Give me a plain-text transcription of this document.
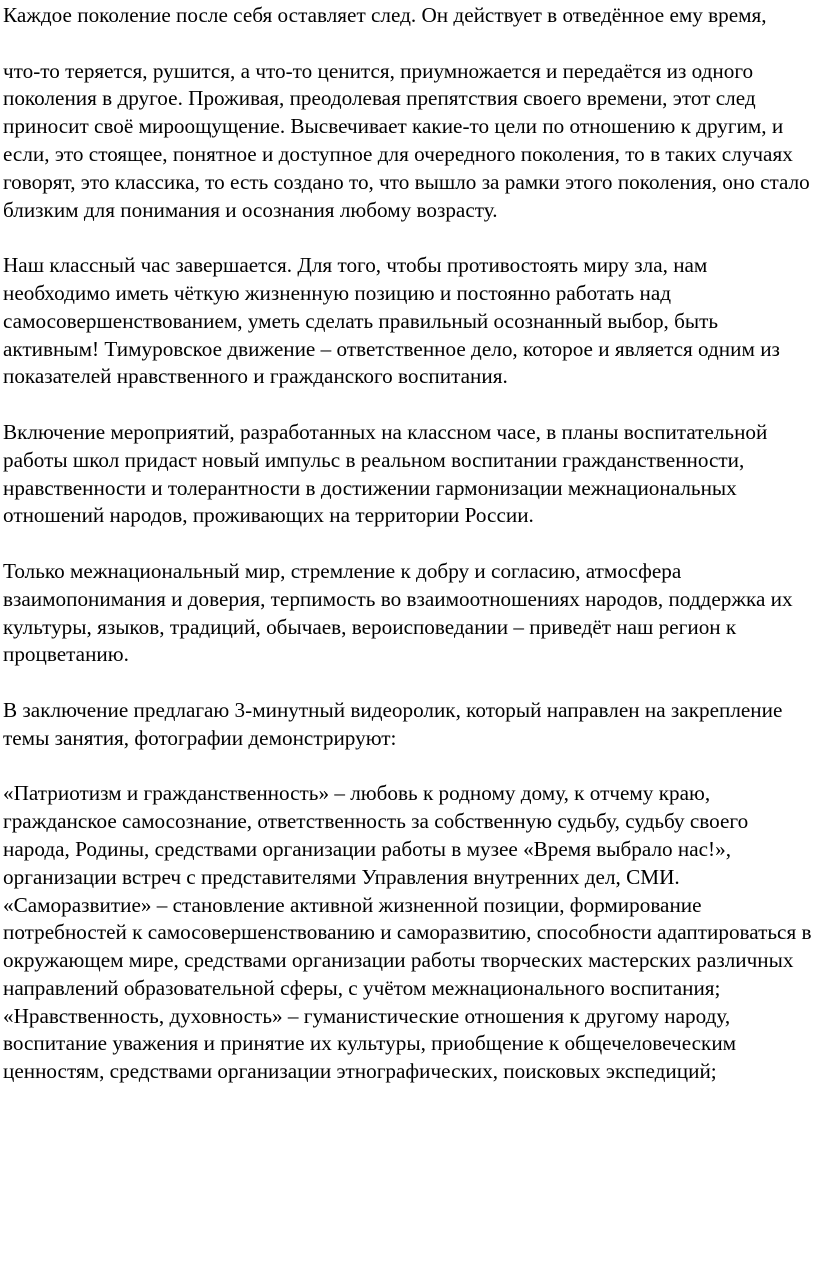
Каждое поколение после себя оставляет след. Он действует в отведённое ему время,

что-то теряется, рушится, а что-то ценится, приумножается и передаётся из одного поколения в другое. Проживая, преодолевая препятствия своего времени, этот след приносит своё мироощущение. Высвечивает какие-то цели по отношению к другим, и если, это стоящее, понятное и доступное для очередного поколения, то в таких случаях говорят, это классика, то есть создано то, что вышло за рамки этого поколения, оно стало близким для понимания и осознания любому возрасту.

Наш классный час завершается. Для того, чтобы противостоять миру зла, нам необходимо иметь чёткую жизненную позицию и постоянно работать над самосовершенствованием, уметь сделать правильный осознанный выбор, быть активным! Тимуровское движение – ответственное дело, которое и является одним из показателей нравственного и гражданского воспитания.

Включение мероприятий, разработанных на классном часе, в планы воспитательной работы школ придаст новый импульс в реальном воспитании гражданственности, нравственности и толерантности в достижении гармонизации межнациональных отношений народов, проживающих на территории России.

Только межнациональный мир, стремление к добру и согласию, атмосфера взаимопонимания и доверия, терпимость во взаимоотношениях народов, поддержка их культуры, языков, традиций, обычаев, вероисповедании – приведёт наш регион к процветанию.

В заключение предлагаю 3-минутный видеоролик, который направлен на закрепление темы занятия, фотографии демонстрируют:

«Патриотизм и гражданственность» – любовь к родному дому, к отчему краю, гражданское самосознание, ответственность за собственную судьбу, судьбу своего народа, Родины, средствами организации работы в музее «Время выбрало нас!», организации встреч с представителями Управления внутренних дел, СМИ.

«Саморазвитие» – становление активной жизненной позиции, формирование потребностей к самосовершенствованию и саморазвитию, способности адаптироваться в окружающем мире, средствами организации работы творческих мастерских различных направлений образовательной сферы, с учётом межнационального воспитания;

«Нравственность, духовность» – гуманистические отношения к другому народу, воспитание уважения и принятие их культуры, приобщение к общечеловеческим ценностям, средствами организации этнографических, поисковых экспедиций;
